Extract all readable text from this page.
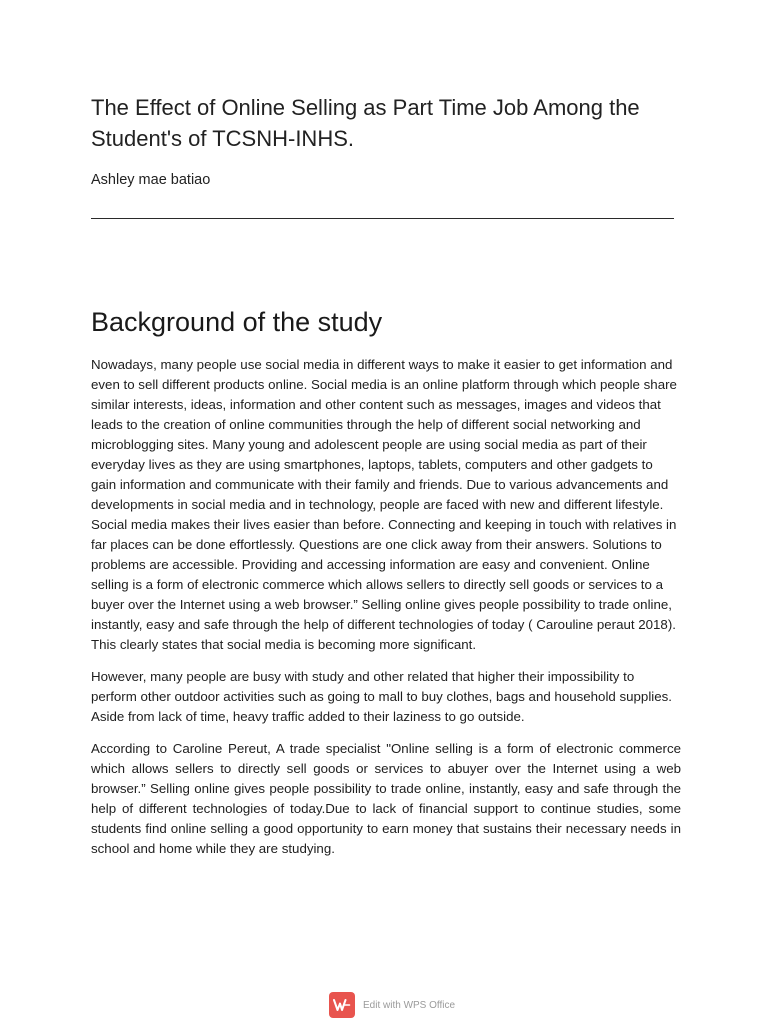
The Effect of Online Selling as Part Time Job Among the Student's of TCSNH-INHS.

Ashley mae batiao

Background of the study

Nowadays, many people use social media in different ways to make it easier to get information and even to sell different products online. Social media is an online platform through which people share similar interests, ideas, information and other content such as messages, images and videos that leads to the creation of online communities through the help of different social networking and microblogging sites. Many young and adolescent people are using social media as part of their everyday lives as they are using smartphones, laptops, tablets, computers and other gadgets to gain information and communicate with their family and friends. Due to various advancements and developments in social media and in technology, people are faced with new and different lifestyle. Social media makes their lives easier than before. Connecting and keeping in touch with relatives in far places can be done effortlessly. Questions are one click away from their answers. Solutions to problems are accessible. Providing and accessing information are easy and convenient. Online selling is a form of electronic commerce which allows sellers to directly sell goods or services to a buyer over the Internet using a web browser.” Selling online gives people possibility to trade online, instantly, easy and safe through the help of different technologies of today ( Carouline peraut 2018). This clearly states that social media is becoming more significant.

However, many people are busy with study and other related that higher their impossibility to perform other outdoor activities such as going to mall to buy clothes, bags and household supplies. Aside from lack of time, heavy traffic added to their laziness to go outside.

According to Caroline Pereut, A trade specialist "Online selling is a form of electronic commerce which allows sellers to directly sell goods or services to abuyer over the Internet using a web browser.” Selling online gives people possibility to trade online, instantly, easy and safe through the help of different technologies of today.Due to lack of financial support to continue studies, some students find online selling a good opportunity to earn money that sustains their necessary needs in school and home while they are studying.

Edit with WPS Office
